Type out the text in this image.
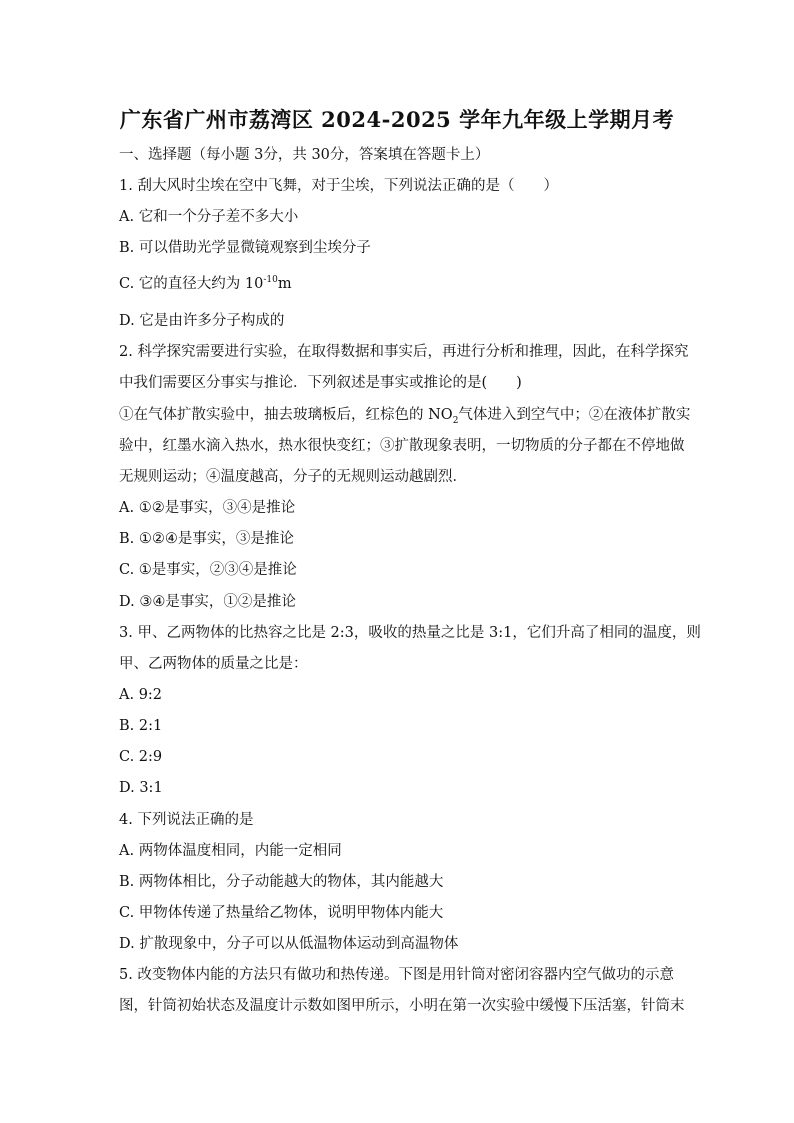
广东省广州市荔湾区 2024-2025 学年九年级上学期月考
一、选择题（每小题 3分，共 30分，答案填在答题卡上）
1. 刮大风时尘埃在空中飞舞，对于尘埃，下列说法正确的是（　　）
A. 它和一个分子差不多大小
B. 可以借助光学显微镜观察到尘埃分子
C. 它的直径大约为 $10^{-10}m$
D. 它是由许多分子构成的
2. 科学探究需要进行实验，在取得数据和事实后，再进行分析和推理，因此，在科学探究
中我们需要区分事实与推论．下列叙述是事实或推论的是(　　)
①在气体扩散实验中，抽去玻璃板后，红棕色的 $NO_2$气体进入到空气中；②在液体扩散实
验中，红墨水滴入热水，热水很快变红；③扩散现象表明，一切物质的分子都在不停地做
无规则运动；④温度越高，分子的无规则运动越剧烈．
A. ①②是事实，③④是推论
B. ①②④是事实，③是推论
C. ①是事实，②③④是推论
D. ③④是事实，①②是推论
3. 甲、乙两物体的比热容之比是 2:3，吸收的热量之比是 3:1，它们升高了相同的温度，则
甲、乙两物体的质量之比是：
A. 9:2
B. 2:1
C. 2:9
D. 3:1
4. 下列说法正确的是
A. 两物体温度相同，内能一定相同
B. 两物体相比，分子动能越大的物体，其内能越大
C. 甲物体传递了热量给乙物体，说明甲物体内能大
D. 扩散现象中，分子可以从低温物体运动到高温物体
5. 改变物体内能的方法只有做功和热传递。下图是用针筒对密闭容器内空气做功的示意
图，针筒初始状态及温度计示数如图甲所示，小明在第一次实验中缓慢下压活塞，针筒末
